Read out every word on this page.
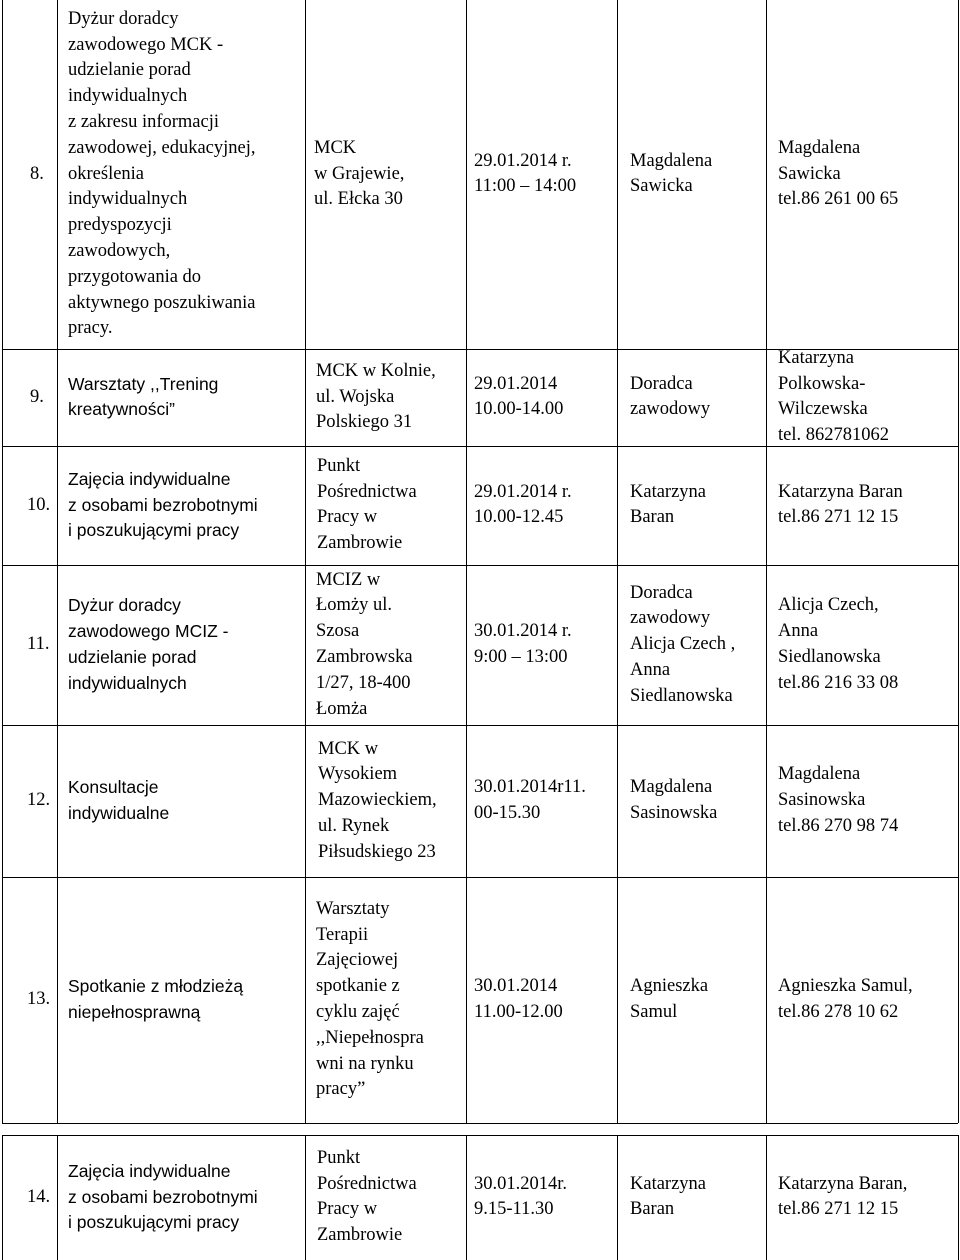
8.
Dyżur doradcy
zawodowego MCK -
udzielanie porad
indywidualnych
z zakresu informacji
zawodowej, edukacyjnej,
określenia
indywidualnych
predyspozycji
zawodowych,
przygotowania do
aktywnego poszukiwania
pracy.
MCK
w Grajewie,
ul. Ełcka 30
29.01.2014 r.
11:00 – 14:00
Magdalena
Sawicka
Magdalena
Sawicka
tel.86 261 00 65
9.
Warsztaty ,,Trening
kreatywności”
MCK w Kolnie,
ul. Wojska
Polskiego 31
29.01.2014
10.00-14.00
Doradca
zawodowy
Katarzyna
Polkowska-
Wilczewska
tel. 862781062
10.
Zajęcia indywidualne
z osobami bezrobotnymi
i poszukującymi pracy
Punkt
Pośrednictwa
Pracy w
Zambrowie
29.01.2014 r.
10.00-12.45
Katarzyna
Baran
Katarzyna Baran
tel.86 271 12 15
11.
Dyżur doradcy
zawodowego MCIZ -
udzielanie porad
indywidualnych
MCIZ w
Łomży ul.
Szosa
Zambrowska
1/27, 18-400
Łomża
30.01.2014 r.
9:00 – 13:00
Doradca
zawodowy
Alicja Czech ,
Anna
Siedlanowska
Alicja Czech,
Anna
Siedlanowska
tel.86 216 33 08
12.
Konsultacje
indywidualne
MCK w
Wysokiem
Mazowieckiem,
ul. Rynek
Piłsudskiego 23
30.01.2014r11.
00-15.30
Magdalena
Sasinowska
Magdalena
Sasinowska
tel.86 270 98 74
13.
Spotkanie z młodzieżą
niepełnosprawną
Warsztaty
Terapii
Zajęciowej
spotkanie z
cyklu zajęć
,,Niepełnospra
wni na rynku
pracy”
30.01.2014
11.00-12.00
Agnieszka
Samul
Agnieszka Samul,
tel.86 278 10 62
14.
Zajęcia indywidualne
z osobami bezrobotnymi
i poszukującymi pracy
Punkt
Pośrednictwa
Pracy w
Zambrowie
30.01.2014r.
9.15-11.30
Katarzyna
Baran
Katarzyna Baran,
tel.86 271 12 15
